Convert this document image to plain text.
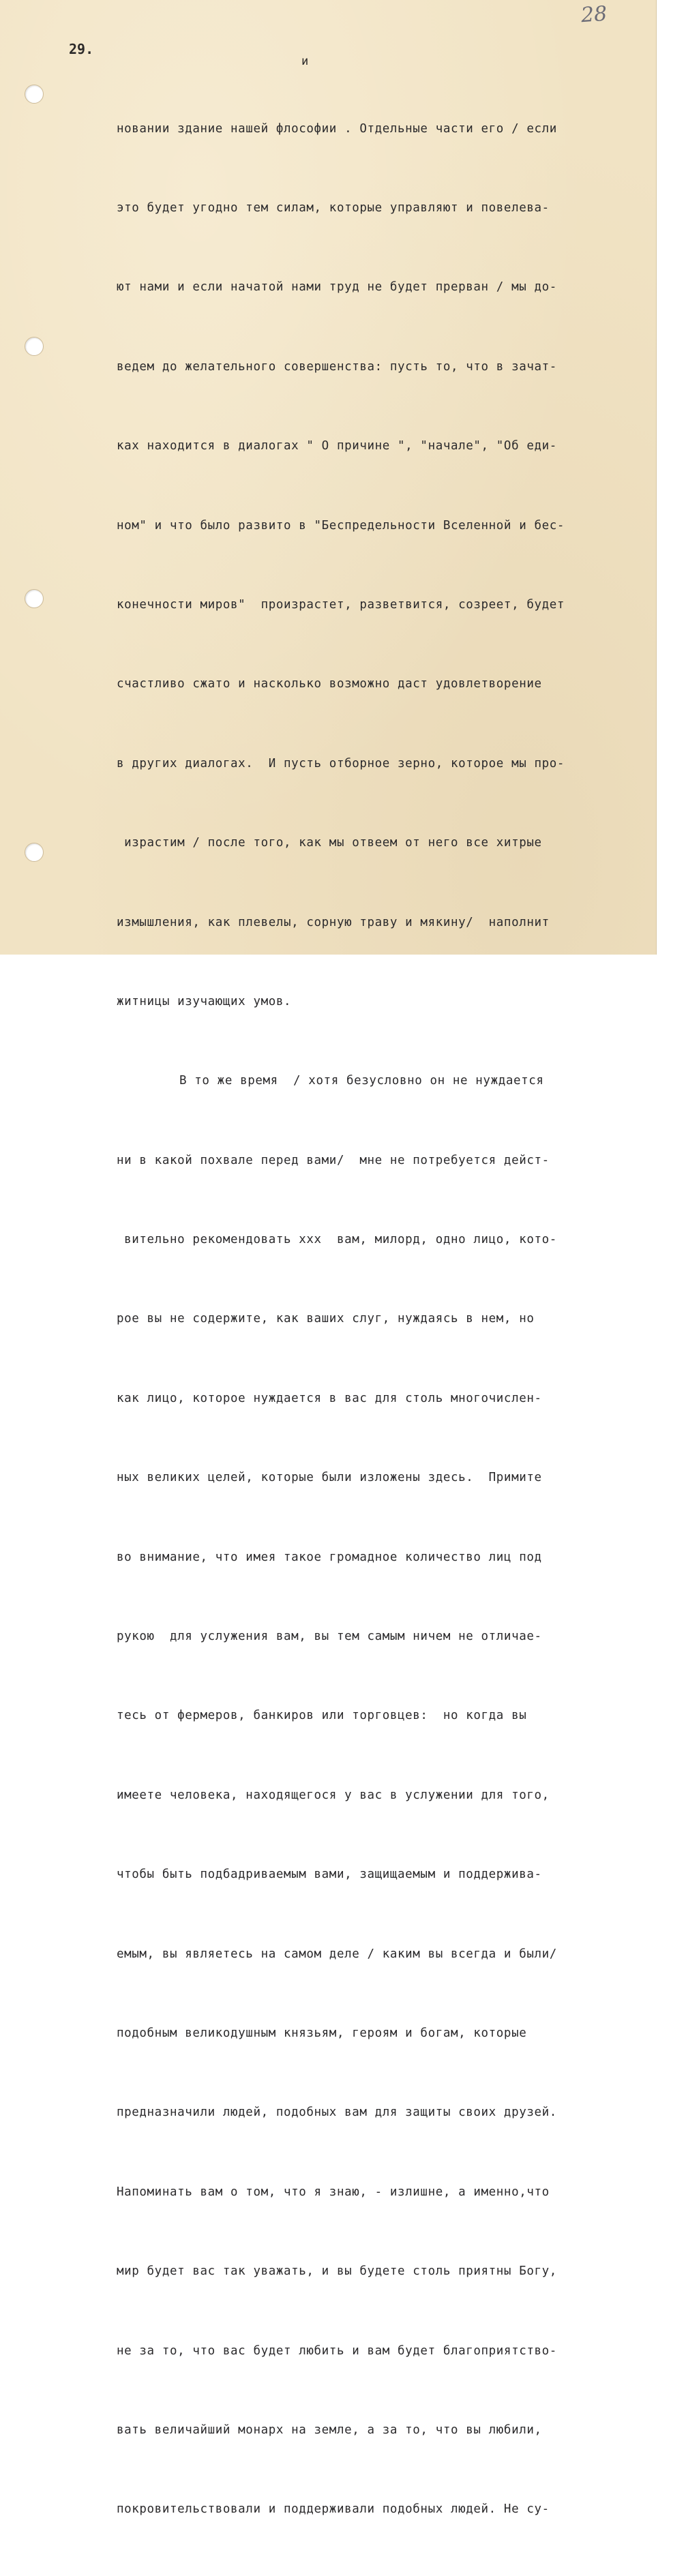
28
29.
и

новании здание нашей флософии . Отдельные части его / если

это будет угодно тем силам, которые управляют и повелева-

ют нами и если начатой нами труд не будет прерван / мы до-

ведем до желательного совершенства: пусть то, что в зачат-

ках находится в диалогах " О причине ", "начале", "Об еди-

ном" и что было развито в "Беспредельности Вселенной и бес-

конечности миров"  произрастет, разветвится, созреет, будет

счастливо сжато и насколько возможно даст удовлетворение

в других диалогах.  И пусть отборное зерно, которое мы про-

израстим / после того, как мы отвеем от него все хитрые

измышления, как плевелы, сорную траву и мякину/  наполнит

житницы изучающих умов.

В то же время  / хотя безусловно он не нуждается

ни в какой похвале перед вами/  мне не потребуется дейст-

вительно рекомендовать ххх  вам, милорд, одно лицо, кото-

рое вы не содержите, как ваших слуг, нуждаясь в нем, но

как лицо, которое нуждается в вас для столь многочислен-

ных великих целей, которые были изложены здесь.  Примите

во внимание, что имея такое громадное количество лиц под

рукою  для услужения вам, вы тем самым ничем не отличае-

тесь от фермеров, банкиров или торговцев:  но когда вы

имеете человека, находящегося у вас в услужении для того,

чтобы быть подбадриваемым вами, защищаемым и поддержива-

емым, вы являетесь на самом деле / каким вы всегда и были/

подобным великодушным князьям, героям и богам, которые

предназначили людей, подобных вам для защиты своих друзей.

Напоминать вам о том, что я знаю, - излишне, а именно,что

мир будет вас так уважать, и вы будете столь приятны Богу,

не за то, что вас будет любить и вам будет благоприятство-

вать величайший монарх на земле, а за то, что вы любили,

покровительствовали и поддерживали подобных людей. Не су-
